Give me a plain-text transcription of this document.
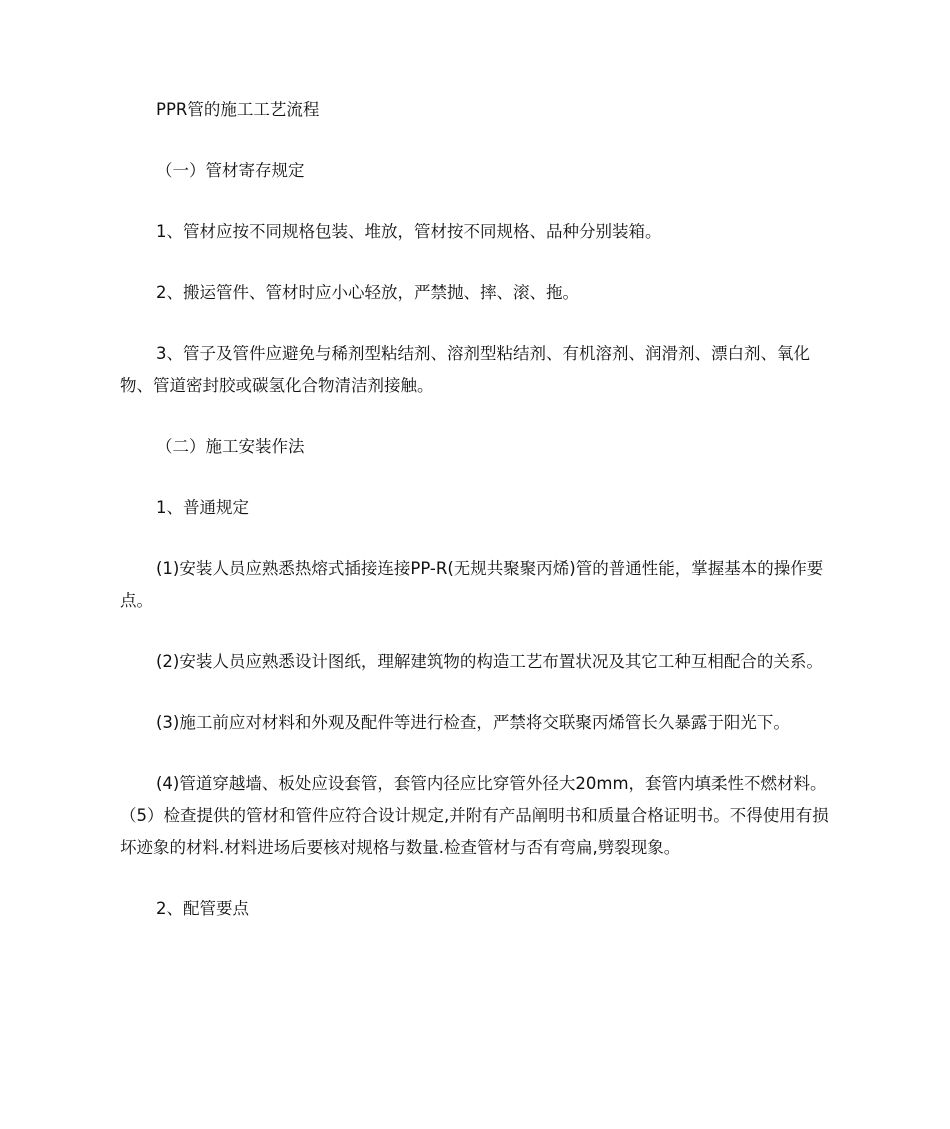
PPR管的施工工艺流程

（一）管材寄存规定

1、管材应按不同规格包装、堆放，管材按不同规格、品种分别装箱。

2、搬运管件、管材时应小心轻放，严禁抛、摔、滚、拖。

3、管子及管件应避免与稀剂型粘结剂、溶剂型粘结剂、有机溶剂、润滑剂、漂白剂、氧化物、管道密封胶或碳氢化合物清洁剂接触。

（二）施工安装作法

1、普通规定

(1)安装人员应熟悉热熔式插接连接PP-R(无规共聚聚丙烯)管的普通性能，掌握基本的操作要点。

(2)安装人员应熟悉设计图纸，理解建筑物的构造工艺布置状况及其它工种互相配合的关系。

(3)施工前应对材料和外观及配件等进行检查，严禁将交联聚丙烯管长久暴露于阳光下。

(4)管道穿越墙、板处应设套管，套管内径应比穿管外径大20mm，套管内填柔性不燃材料。（5）检查提供的管材和管件应符合设计规定,并附有产品阐明书和质量合格证明书。不得使用有损坏迹象的材料.材料进场后要核对规格与数量.检查管材与否有弯扁,劈裂现象。

2、配管要点
